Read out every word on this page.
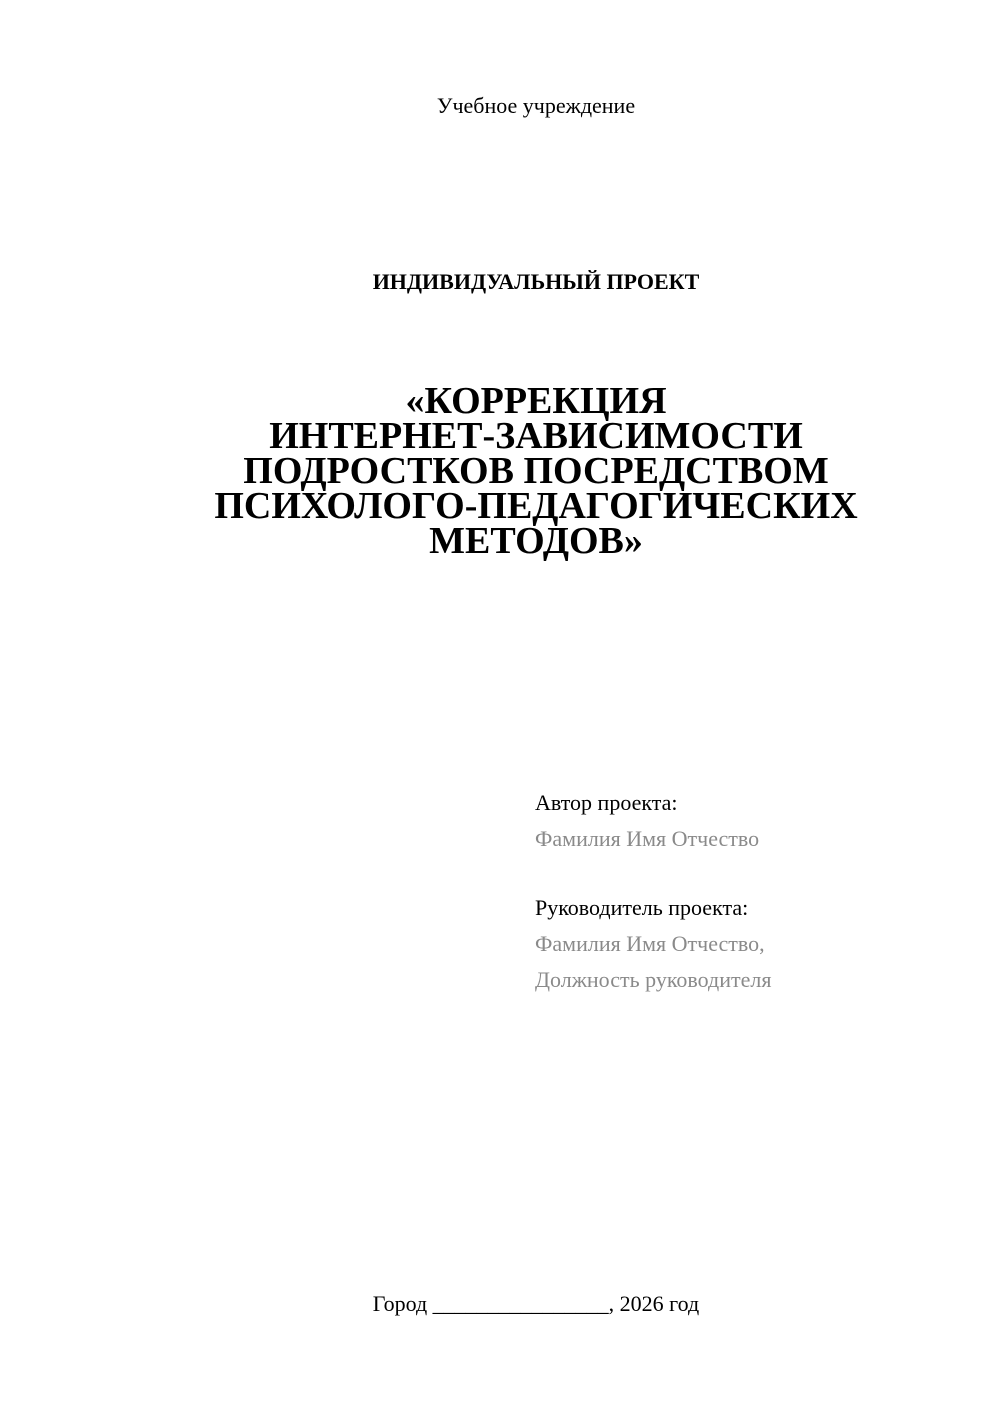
Учебное учреждение
ИНДИВИДУАЛЬНЫЙ ПРОЕКТ
«КОРРЕКЦИЯ
ИНТЕРНЕТ-ЗАВИСИМОСТИ
ПОДРОСТКОВ ПОСРЕДСТВОМ
ПСИХОЛОГО-ПЕДАГОГИЧЕСКИХ
МЕТОДОВ»
Автор проекта:
Фамилия Имя Отчество
Руководитель проекта:
Фамилия Имя Отчество,
Должность руководителя
Город ________________, 2026 год
